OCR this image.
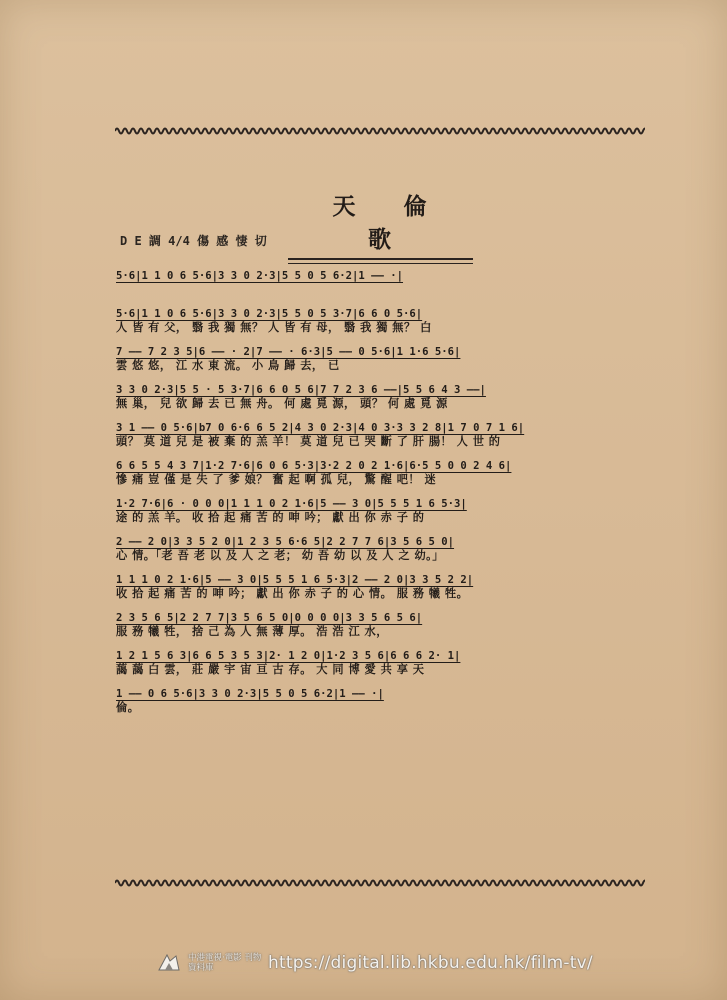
天 倫 歌
D E 調 4/4 傷 感 悽 切
5·6|1 1 0 6 5·6|3 3 0 2·3|5 5 0 5 6·2|1 —— ·|
5·6|1 1 0 6 5·6|3 3 0 2·3|5 5 0 5 3·7|6 6 0 5·6|
人 皆 有 父， 翳 我 獨 無？ 人 皆 有 母， 翳 我 獨 無？ 白
7 —— 7 2 3 5|6 —— · 2|7 —— · 6·3|5 —— 0 5·6|1 1·6 5·6|
雲 悠 悠， 江 水 東 流。 小 鳥 歸 去， 已
3 3 0 2·3|5 5 · 5 3·7|6 6 0 5 6|7 7 2 3 6 ——|5 5 6 4 3 ——|
無 巢， 兒 欲 歸 去 已 無 舟。 何 處 覓 源， 頭？ 何 處 覓 源
3 1 —— 0 5·6|b7 0 6·6 6 5 2|4 3 0 2·3|4 0 3·3 3 2 8|1 7 0 7 1 6|
頭？ 莫 道 兒 是 被 棄 的 羔 羊！ 莫 道 兒 已 哭 斷 了 肝 腸！ 人 世 的
6 6 5 5 4 3 7|1·2 7·6|6 0 6 5·3|3·2 2 0 2 1·6|6·5 5 0 0 2 4 6|
慘 痛 豈 僅 是 失 了 爹 娘？ 奮 起 啊 孤 兒， 驚 醒 吧！ 迷
1·2 7·6|6 · 0 0 0|1 1 1 0 2 1·6|5 —— 3 0|5 5 5 1 6 5·3|
途 的 羔 羊。 收 拾 起 痛 苦 的 呻 吟； 獻 出 你 赤 子 的
2 —— 2 0|3 3 5 2 0|1 2 3 5 6·6 5|2 2 7 7 6|3 5 6 5 0|
心 情。「老 吾 老 以 及 人 之 老； 幼 吾 幼 以 及 人 之 幼。」
1 1 1 0 2 1·6|5 —— 3 0|5 5 5 1 6 5·3|2 —— 2 0|3 3 5 2 2|
收 拾 起 痛 苦 的 呻 吟； 獻 出 你 赤 子 的 心 情。 服 務 犧 牲。
2 3 5 6 5|2 2 7 7|3 5 6 5 0|0 0 0 0|3 3 5 6 5 6|
服 務 犧 牲， 捨 己 為 人 無 薄 厚。 浩 浩 江 水，
1 2 1 5 6 3|6 6 5 3 5 3|2· 1 2 0|1·2 3 5 6|6 6 6 2· 1|
藹 藹 白 雲， 莊 嚴 宇 宙 亘 古 存。 大 同 博 愛 共 享 天
1 —— 0 6 5·6|3 3 0 2·3|5 5 0 5 6·2|1 —— ·|
倫。
中港電視·電影 刊物資料庫	https://digital.lib.hkbu.edu.hk/film-tv/
